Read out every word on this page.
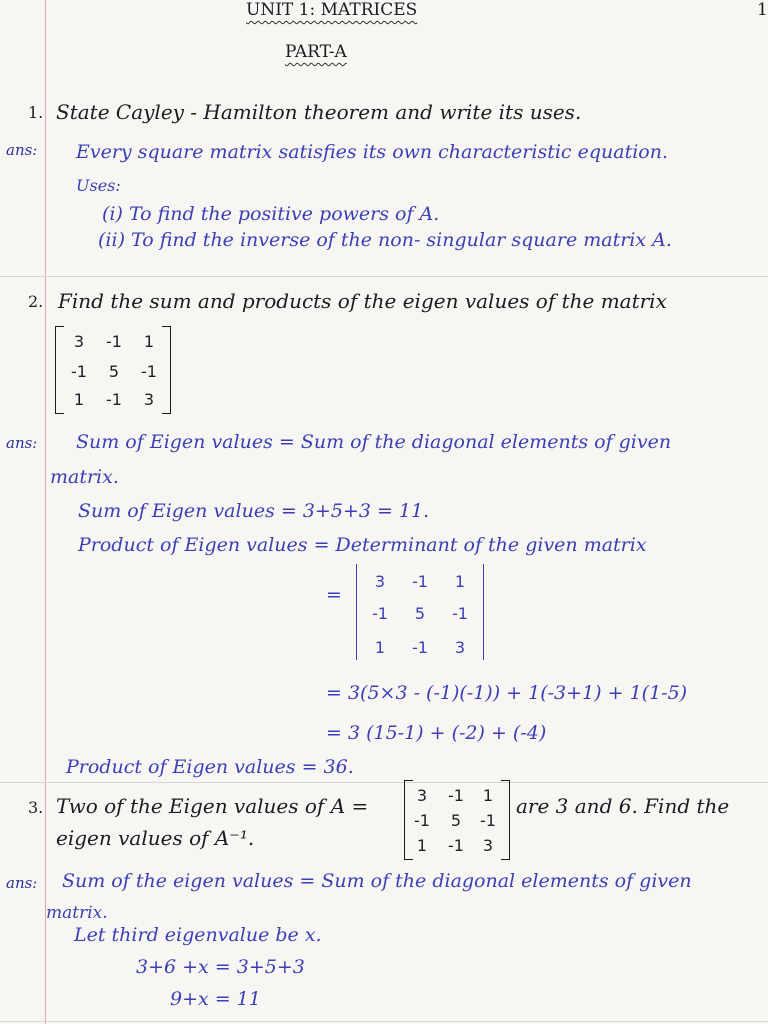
UNIT 1: MATRICES	1
PART-A
1. State Cayley - Hamilton theorem and write its uses.
ans: Every square matrix satisfies its own characteristic equation.
Uses:
(i) To find the positive powers of A.
(ii) To find the inverse of the non- singular square matrix A.
2. Find the sum and products of the eigen values of the matrix
3	-1	1
-1	5	-1
1	-1	3
ans: Sum of Eigen values = Sum of the diagonal elements of given
matrix.
Sum of Eigen values = 3+5+3 = 11.
Product of Eigen values = Determinant of the given matrix
=
3	-1	1
-1	5	-1
1	-1	3
= 3(5×3 - (-1)(-1)) + 1(-3+1) + 1(1-5)
= 3 (15-1) + (-2) + (-4)
Product of Eigen values = 36.
3. Two of the Eigen values of A =	3	-1	1
-1	5	-1
1	-1	3
are 3 and 6. Find the
eigen values of A⁻¹.
ans: Sum of the eigen values = Sum of the diagonal elements of given
matrix.
Let third eigenvalue be x.
3+6 +x = 3+5+3
9+x = 11
